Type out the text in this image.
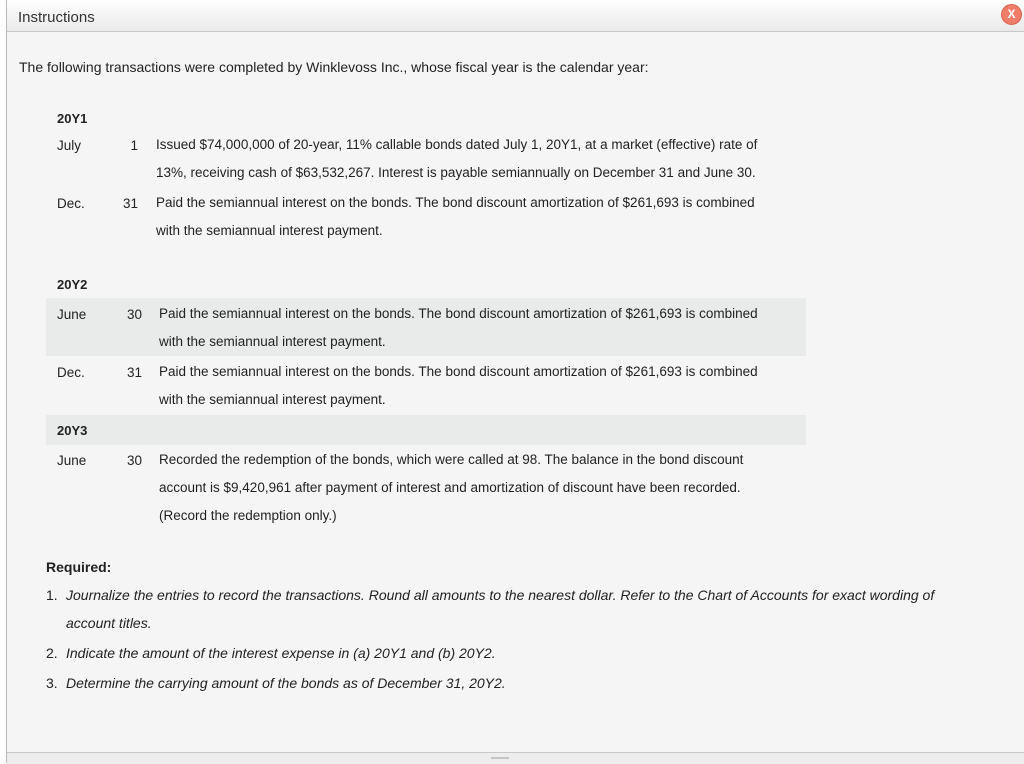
Instructions	X
The following transactions were completed by Winklevoss Inc., whose fiscal year is the calendar year:
20Y1
July	1 Issued $74,000,000 of 20-year, 11% callable bonds dated July 1, 20Y1, at a market (effective) rate of
13%, receiving cash of $63,532,267. Interest is payable semiannually on December 31 and June 30.
Dec.	31 Paid the semiannual interest on the bonds. The bond discount amortization of $261,693 is combined
with the semiannual interest payment.
20Y2
June	30 Paid the semiannual interest on the bonds. The bond discount amortization of $261,693 is combined
with the semiannual interest payment.
Dec.	31 Paid the semiannual interest on the bonds. The bond discount amortization of $261,693 is combined
with the semiannual interest payment.
20Y3
June	30 Recorded the redemption of the bonds, which were called at 98. The balance in the bond discount
account is $9,420,961 after payment of interest and amortization of discount have been recorded.
(Record the redemption only.)
Required:
1. Journalize the entries to record the transactions. Round all amounts to the nearest dollar. Refer to the Chart of Accounts for exact wording of
account titles.
2. Indicate the amount of the interest expense in (a) 20Y1 and (b) 20Y2.
3. Determine the carrying amount of the bonds as of December 31, 20Y2.
